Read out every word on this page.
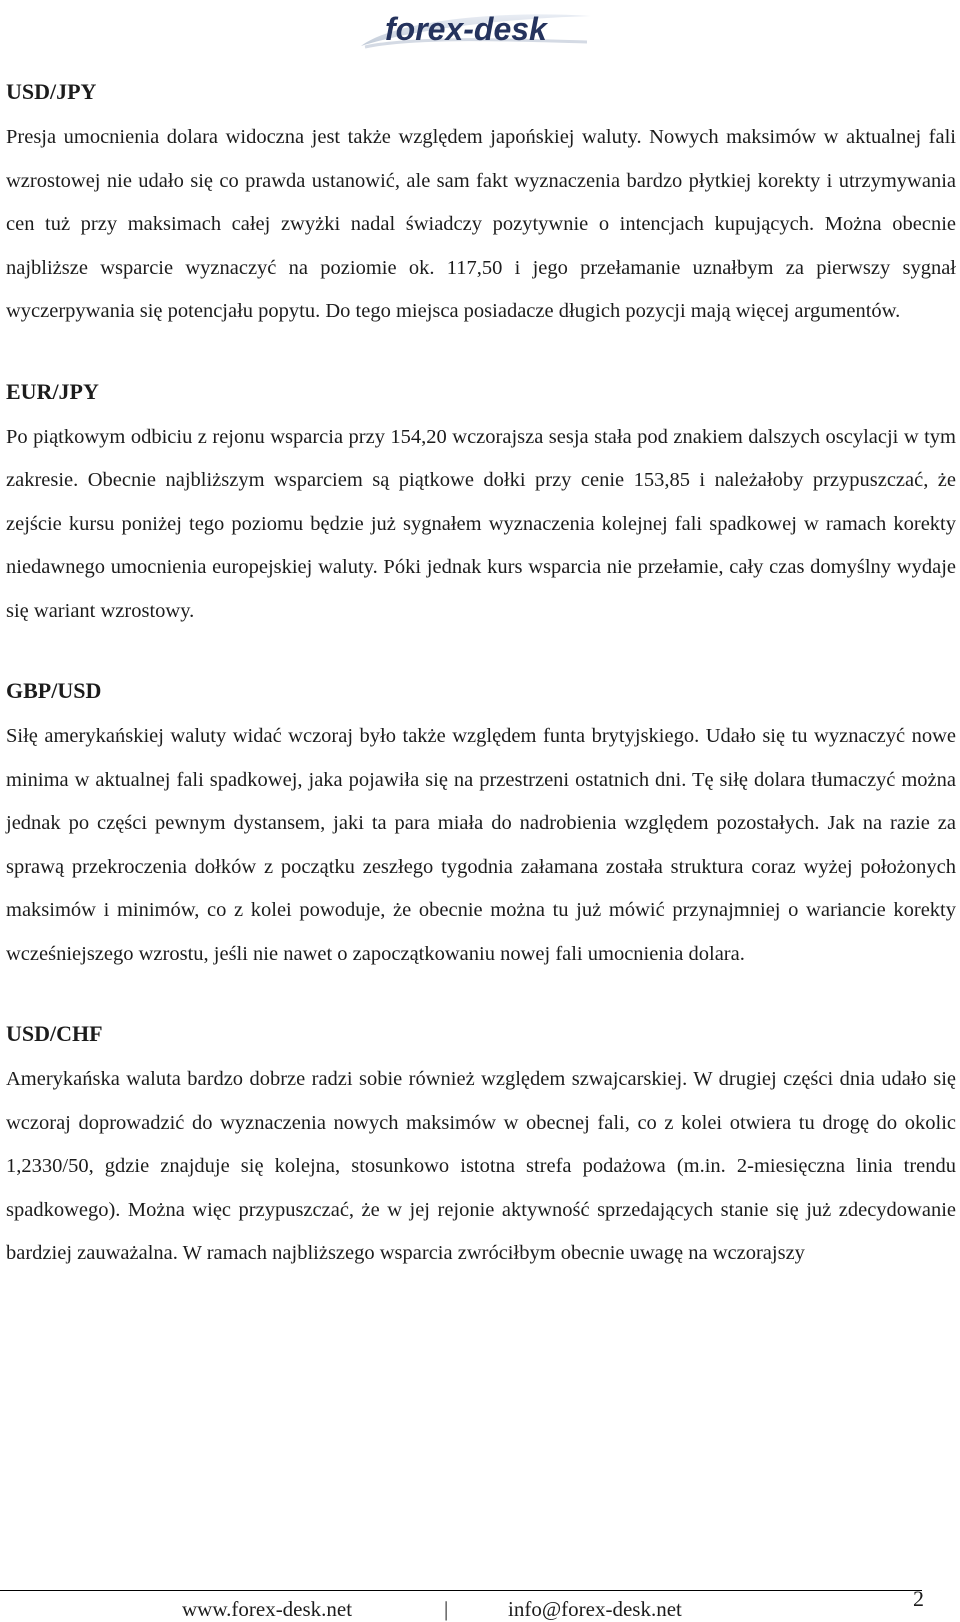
forex-desk
USD/JPY

Presja umocnienia dolara widoczna jest także względem japońskiej waluty. Nowych maksimów w aktualnej fali wzrostowej nie udało się co prawda ustanowić, ale sam fakt wyznaczenia bardzo płytkiej korekty i utrzymywania cen tuż przy maksimach całej zwyżki nadal świadczy pozytywnie o intencjach kupujących. Można obecnie najbliższe wsparcie wyznaczyć na poziomie ok. 117,50 i jego przełamanie uznałbym za pierwszy sygnał wyczerpywania się potencjału popytu. Do tego miejsca posiadacze długich pozycji mają więcej argumentów.

EUR/JPY

Po piątkowym odbiciu z rejonu wsparcia przy 154,20 wczorajsza sesja stała pod znakiem dalszych oscylacji w tym zakresie. Obecnie najbliższym wsparciem są piątkowe dołki przy cenie 153,85 i należałoby przypuszczać, że zejście kursu poniżej tego poziomu będzie już sygnałem wyznaczenia kolejnej fali spadkowej w ramach korekty niedawnego umocnienia europejskiej waluty. Póki jednak kurs wsparcia nie przełamie, cały czas domyślny wydaje się wariant wzrostowy.

GBP/USD

Siłę amerykańskiej waluty widać wczoraj było także względem funta brytyjskiego. Udało się tu wyznaczyć nowe minima w aktualnej fali spadkowej, jaka pojawiła się na przestrzeni ostatnich dni. Tę siłę dolara tłumaczyć można jednak po części pewnym dystansem, jaki ta para miała do nadrobienia względem pozostałych. Jak na razie za sprawą przekroczenia dołków z początku zeszłego tygodnia załamana została struktura coraz wyżej położonych maksimów i minimów, co z kolei powoduje, że obecnie można tu już mówić przynajmniej o wariancie korekty wcześniejszego wzrostu, jeśli nie nawet o zapoczątkowaniu nowej fali umocnienia dolara.

USD/CHF

Amerykańska waluta bardzo dobrze radzi sobie również względem szwajcarskiej. W drugiej części dnia udało się wczoraj doprowadzić do wyznaczenia nowych maksimów w obecnej fali, co z kolei otwiera tu drogę do okolic 1,2330/50, gdzie znajduje się kolejna, stosunkowo istotna strefa podażowa (m.in. 2-miesięczna linia trendu spadkowego). Można więc przypuszczać, że w jej rejonie aktywność sprzedających stanie się już zdecydowanie bardziej zauważalna. W ramach najbliższego wsparcia zwróciłbym obecnie uwagę na wczorajszy

www.forex-desk.net	|	info@forex-desk.net	2
